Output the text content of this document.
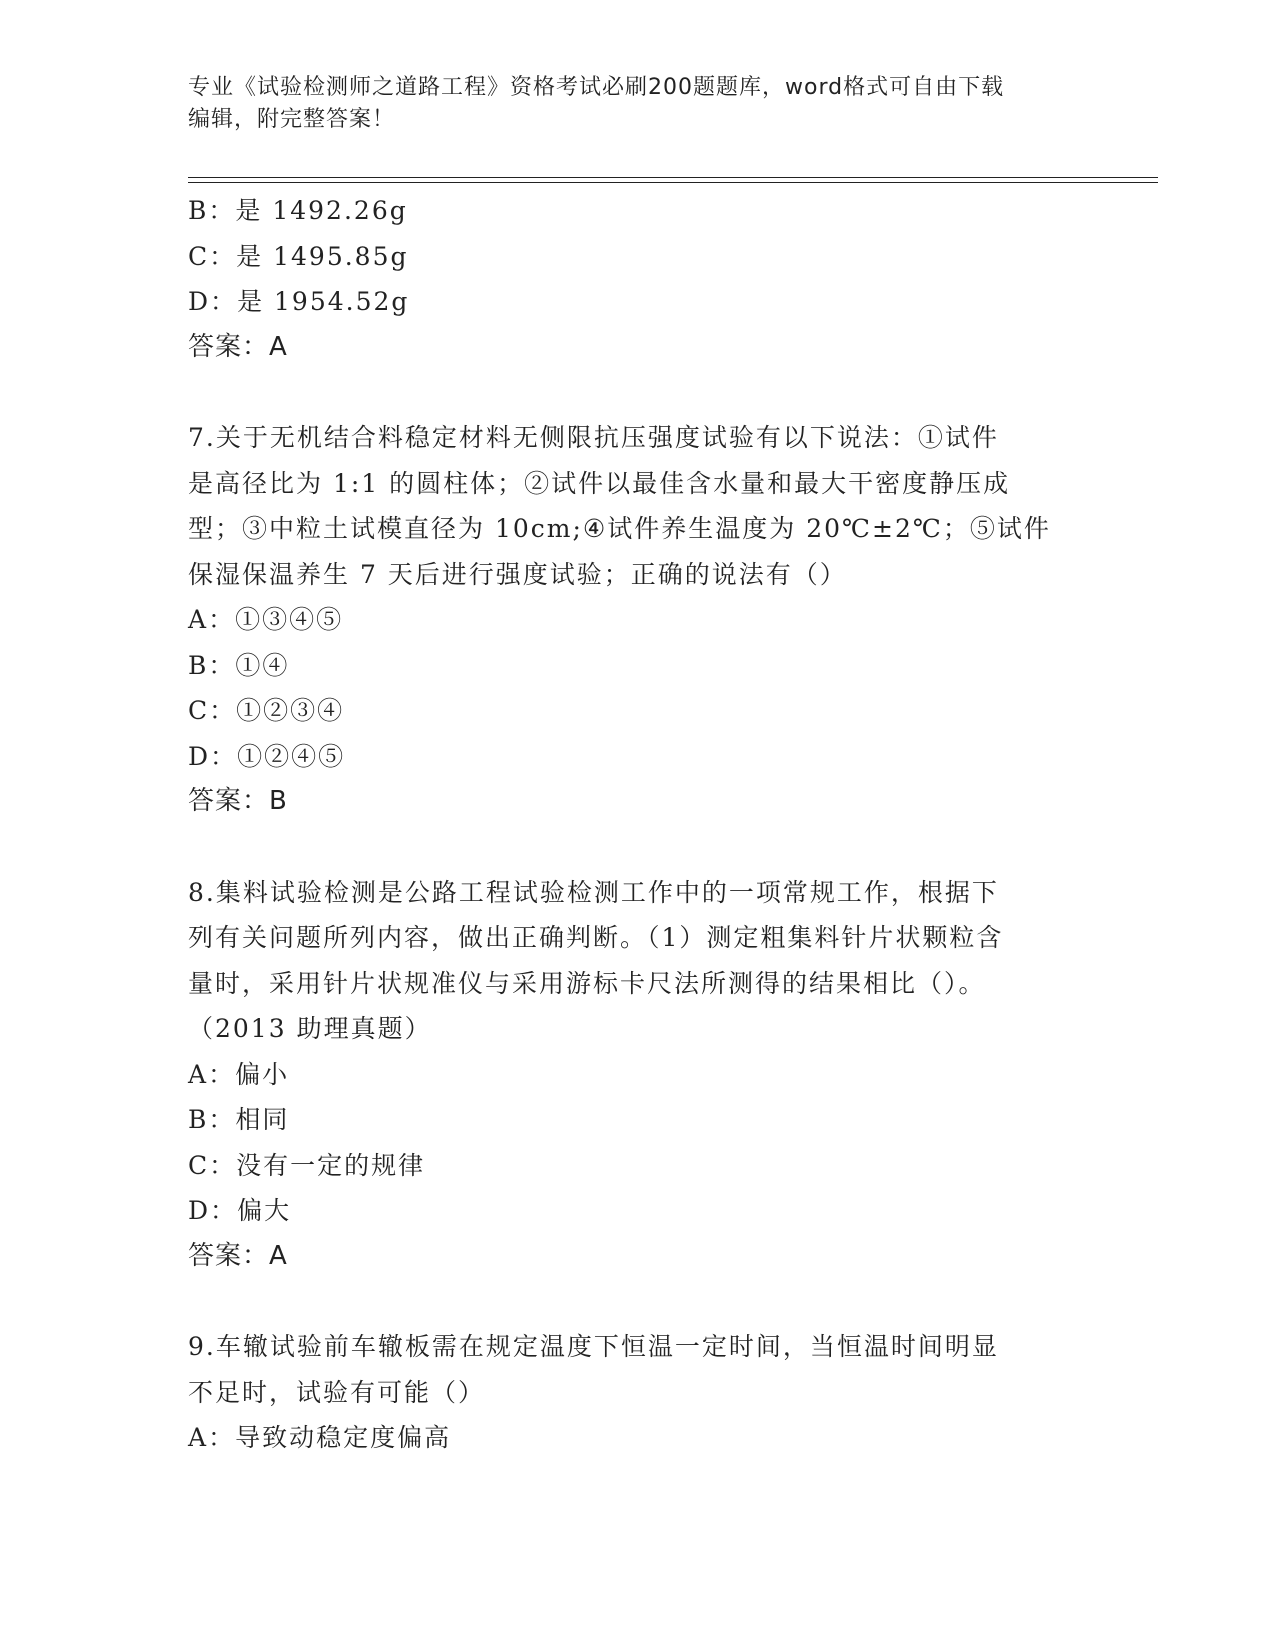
专业《试验检测师之道路工程》资格考试必刷200题题库，word格式可自由下载
编辑，附完整答案！
B：是 1492.26g
C：是 1495.85g
D：是 1954.52g
答案：A
7.关于无机结合料稳定材料无侧限抗压强度试验有以下说法：①试件
是高径比为 1:1 的圆柱体；②试件以最佳含水量和最大干密度静压成
型；③中粒土试模直径为 10cm;④试件养生温度为 20℃±2℃；⑤试件
保湿保温养生 7 天后进行强度试验；正确的说法有（）
A：①③④⑤
B：①④
C：①②③④
D：①②④⑤
答案：B
8.集料试验检测是公路工程试验检测工作中的一项常规工作，根据下
列有关问题所列内容，做出正确判断。（1）测定粗集料针片状颗粒含
量时，采用针片状规准仪与采用游标卡尺法所测得的结果相比（）。
（2013 助理真题）
A：偏小
B：相同
C：没有一定的规律
D：偏大
答案：A
9.车辙试验前车辙板需在规定温度下恒温一定时间，当恒温时间明显
不足时，试验有可能（）
A：导致动稳定度偏高
